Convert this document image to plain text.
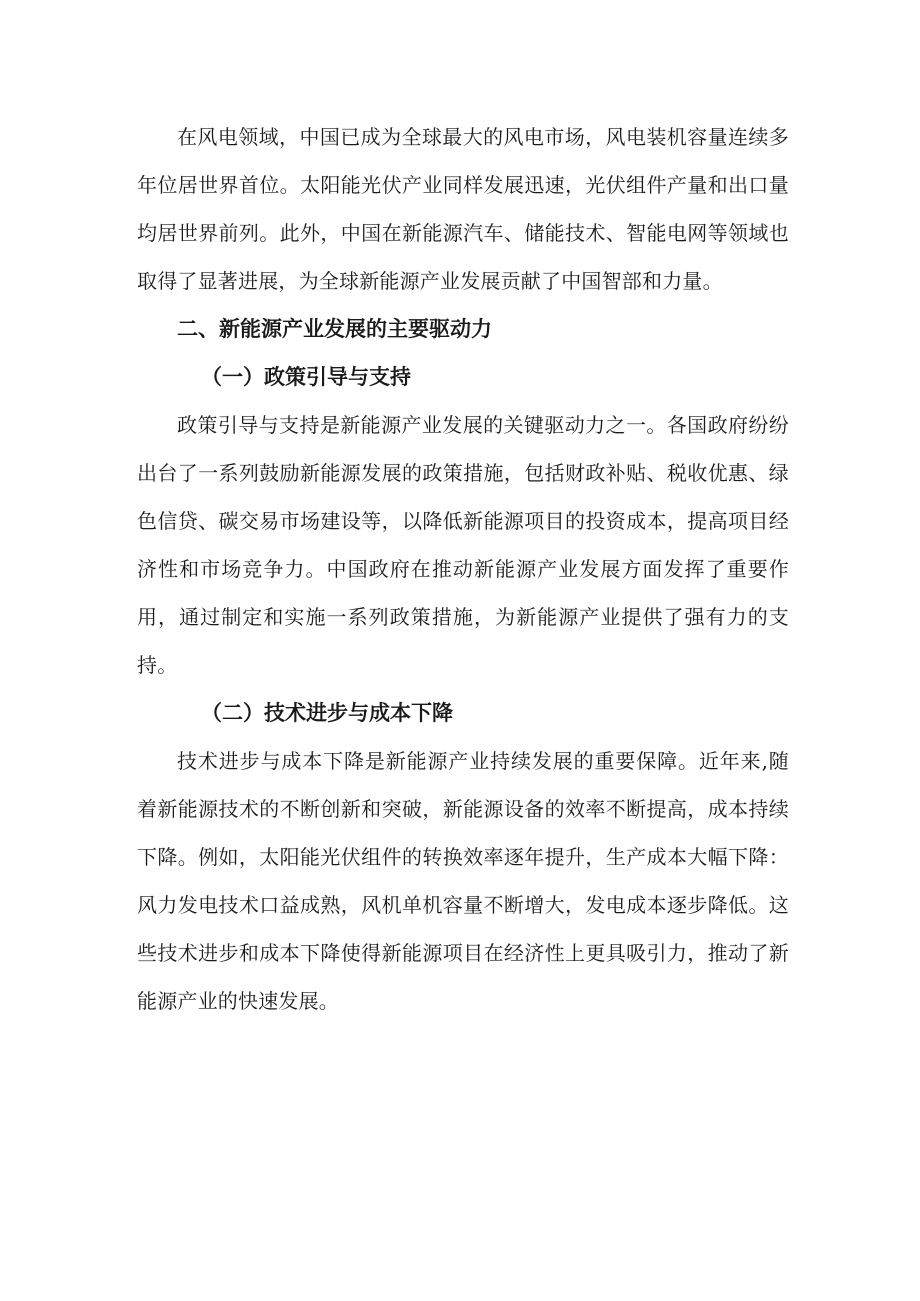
在风电领域，中国已成为全球最大的风电市场，风电装机容量连续多年位居世界首位。太阳能光伏产业同样发展迅速，光伏组件产量和出口量均居世界前列。此外，中国在新能源汽车、储能技术、智能电网等领域也取得了显著进展，为全球新能源产业发展贡献了中国智部和力量。

二、新能源产业发展的主要驱动力
（一）政策引导与支持

政策引导与支持是新能源产业发展的关键驱动力之一。各国政府纷纷出台了一系列鼓励新能源发展的政策措施，包括财政补贴、税收优惠、绿色信贷、碳交易市场建设等，以降低新能源项目的投资成本，提高项目经济性和市场竞争力。中国政府在推动新能源产业发展方面发挥了重要作用，通过制定和实施一系列政策措施，为新能源产业提供了强有力的支持。

（二）技术进步与成本下降

技术进步与成本下降是新能源产业持续发展的重要保障。近年来,随着新能源技术的不断创新和突破，新能源设备的效率不断提高，成本持续下降。例如，太阳能光伏组件的转换效率逐年提升，生产成本大幅下降：风力发电技术口益成熟，风机单机容量不断增大，发电成本逐步降低。这些技术进步和成本下降使得新能源项目在经济性上更具吸引力，推动了新能源产业的快速发展。
